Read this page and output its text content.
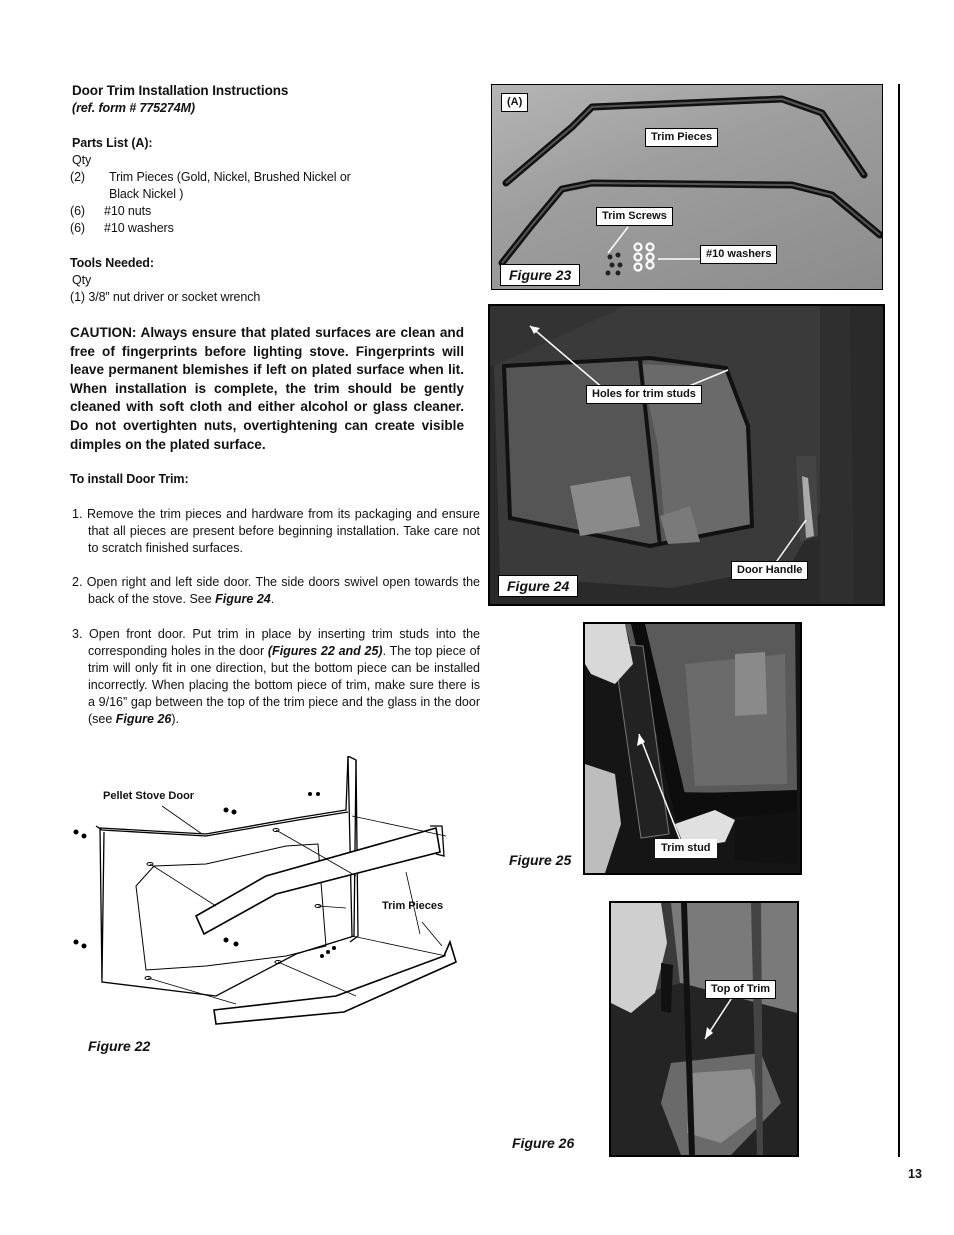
Door Trim Installation Instructions
(ref. form # 775274M)
Parts List (A):
Qty
(2) Trim Pieces (Gold, Nickel, Brushed Nickel or
Black Nickel )
(6) #10 nuts
(6) #10 washers
Tools Needed:
Qty
(1) 3/8” nut driver or socket wrench
CAUTION: Always ensure that plated surfaces are clean and free of fingerprints before lighting stove. Fingerprints will leave permanent blemishes if left on plated surface when lit. When installation is complete, the trim should be gently cleaned with soft cloth and either alcohol or glass cleaner. Do not overtighten nuts, overtightening can create visible dimples on the plated surface.
To install Door Trim:
1. Remove the trim pieces and hardware from its packaging and ensure that all pieces are present before beginning installation. Take care not to scratch finished surfaces.
2. Open right and left side door. The side doors swivel open towards the back of the stove. See Figure 24.
3. Open front door. Put trim in place by inserting trim studs into the corresponding holes in the door (Figures 22 and 25). The top piece of trim will only fit in one direction, but the bottom piece can be installed incorrectly. When placing the bottom piece of trim, make sure there is a 9/16” gap between the top of the trim piece and the glass in the door (see Figure 26).
Pellet Stove Door
Trim Pieces
Figure 22
(A)
Trim Pieces
Trim Screws
#10 washers
Figure 23
Holes for trim studs
Door Handle
Figure 24
Trim stud
Figure 25
Top of Trim
Figure 26
13
